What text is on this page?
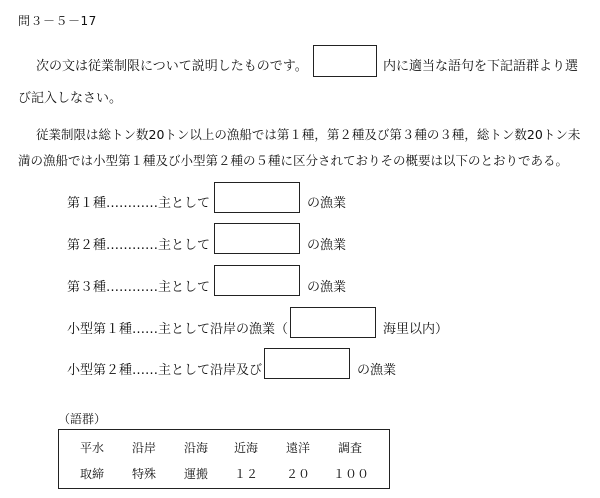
問３－５－17
次の文は従業制限について説明したものです。	内に適当な語句を下記語群より選
び記入しなさい。
従業制限は総トン数20トン以上の漁船では第１種，第２種及び第３種の３種，総トン数20トン未
満の漁船では小型第１種及び小型第２種の５種に区分されておりその概要は以下のとおりである。
第１種…………主として	の漁業
第２種…………主として	の漁業
第３種…………主として	の漁業
小型第１種……主として沿岸の漁業（	海里以内）
小型第２種……主として沿岸及び	の漁業
（語群）
平水 沿岸 沿海 近海 遠洋 調査
取締 特殊 運搬 １２ ２０ １００
